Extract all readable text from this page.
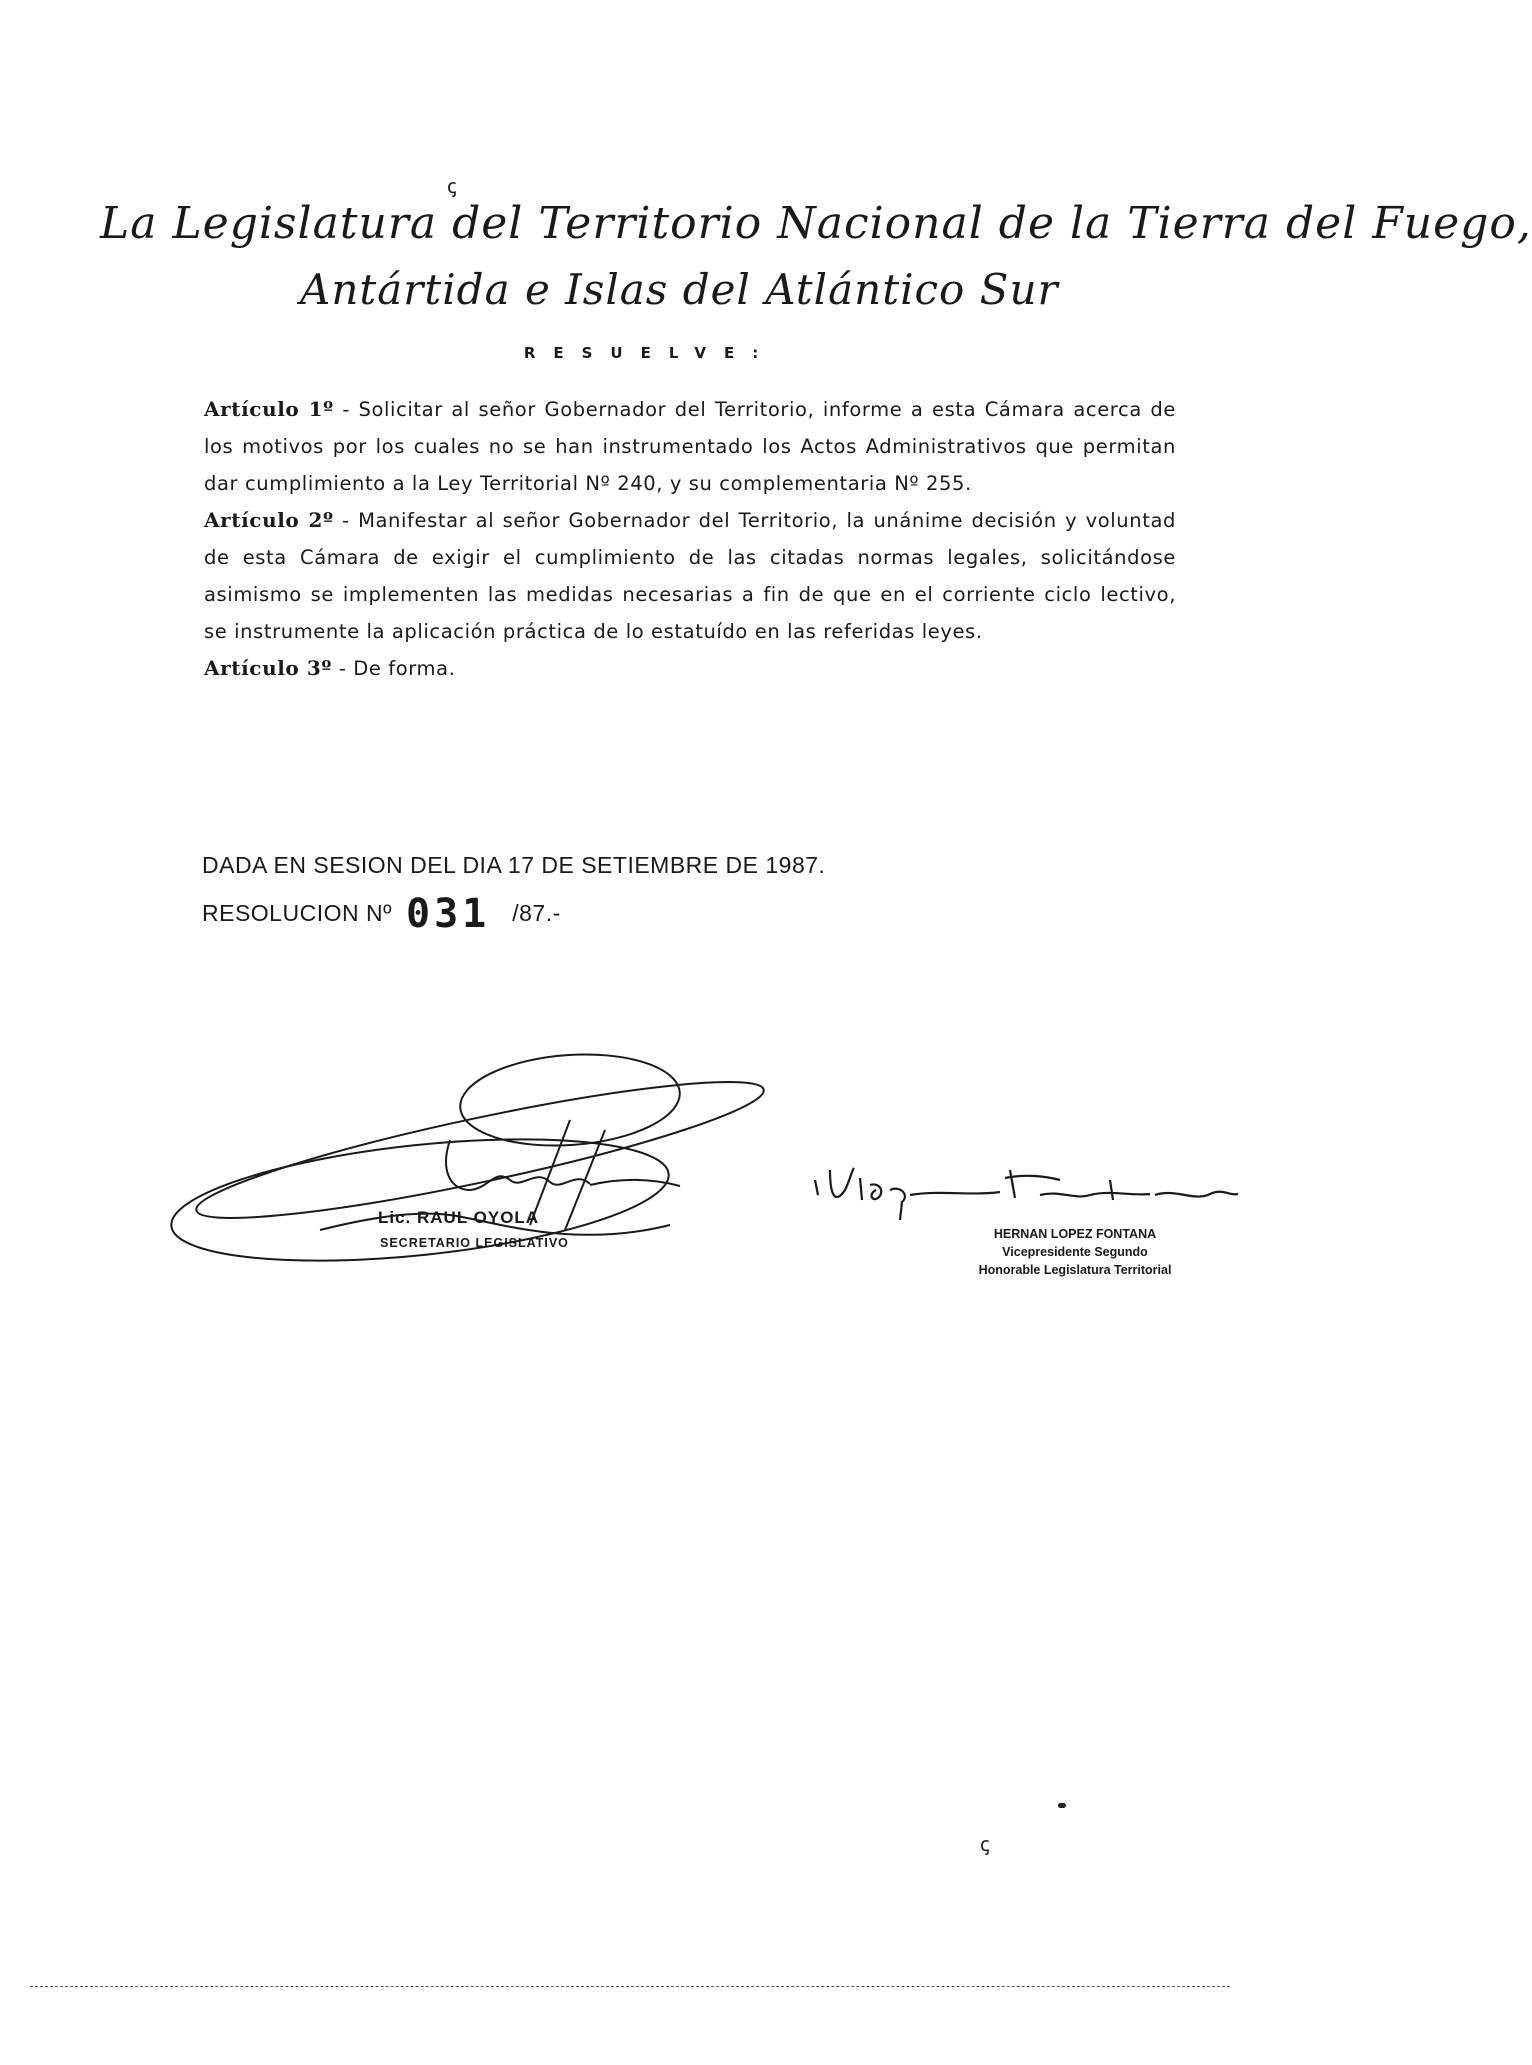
ꞔ
La Legislatura del Territorio Nacional de la Tierra del Fuego,
Antártida e Islas del Atlántico Sur
RESUELVE:

Artículo 1º - Solicitar al señor Gobernador del Territorio, informe a esta Cámara acerca de los motivos por los cuales no se han instrumentado los Actos Administrativos que permitan dar cumplimiento a la Ley Territorial Nº 240, y su complementaria Nº 255.

Artículo 2º - Manifestar al señor Gobernador del Territorio, la unánime decisión y voluntad de esta Cámara de exigir el cumplimiento de las citadas normas legales, solicitándose asimismo se implementen las medidas necesarias a fin de que en el corriente ciclo lectivo, se instrumente la aplicación práctica de lo estatuído en las referidas leyes.

Artículo 3º - De forma.

DADA EN SESION DEL DIA 17 DE SETIEMBRE DE 1987.
RESOLUCION Nº 031 /87.-
Lic. RAUL OYOLA
SECRETARIO LEGISLATIVO
HERNAN LOPEZ FONTANA
Vicepresidente Segundo
Honorable Legislatura Territorial
ꞔ
